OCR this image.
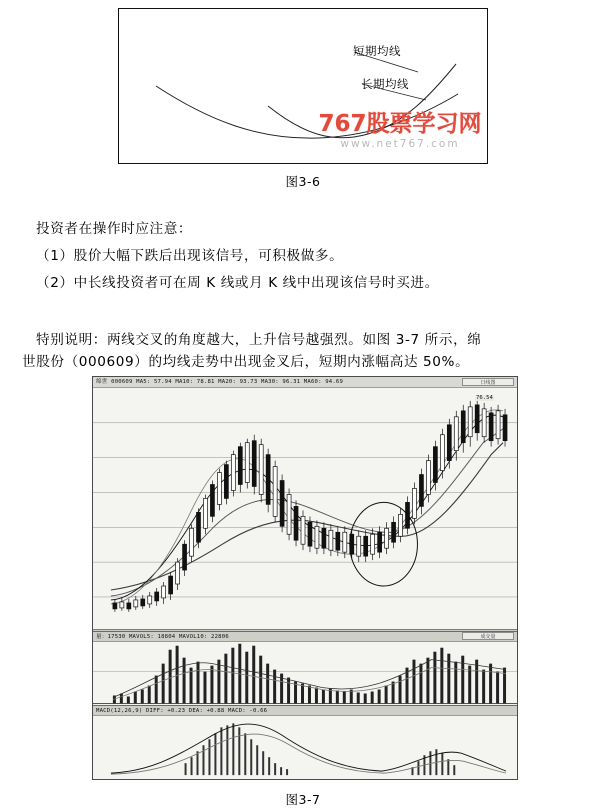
短期均线
长期均线
767股票学习网
www.net767.com
图3-6
投资者在操作时应注意：
（1）股价大幅下跌后出现该信号，可积极做多。
（2）中长线投资者可在周 K 线或月 K 线中出现该信号时买进。
特别说明：两线交叉的角度越大，上升信号越强烈。如图 3-7 所示，绵
世股份（000609）的均线走势中出现金叉后，短期内涨幅高达 50%。
绵世 000609 MA5: 57.94 MA10: 78.81 MA20: 93.73 MA30: 96.31 MA60: 94.69	日线图
76.54
量：17530 MAVOL5: 18804 MAVOL10: 22806	成交量
MACD(12,26,9) DIFF: +0.23 DEA: +0.88 MACD: -0.66
图3-7
